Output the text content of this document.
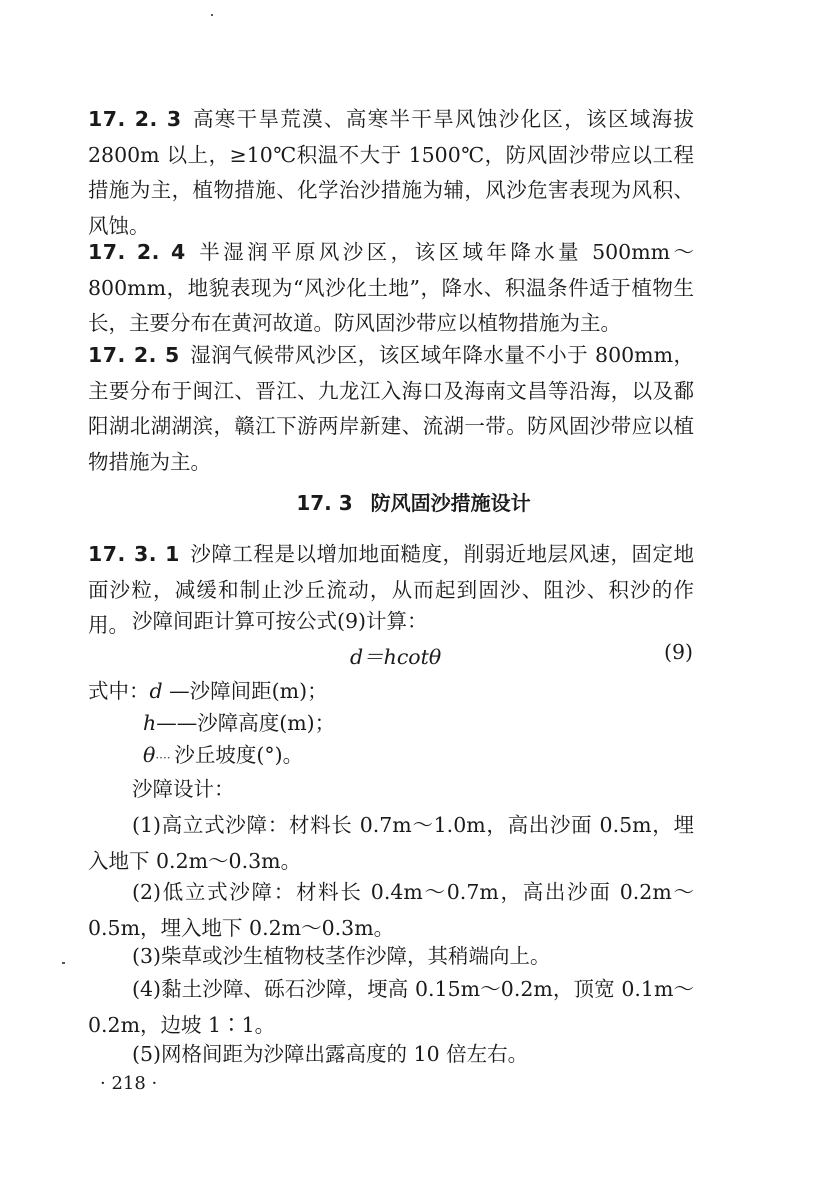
17. 2. 3 高寒干旱荒漠、高寒半干旱风蚀沙化区，该区域海拔2800m 以上，≥10℃积温不大于 1500℃，防风固沙带应以工程措施为主，植物措施、化学治沙措施为辅，风沙危害表现为风积、风蚀。

17. 2. 4 半湿润平原风沙区，该区域年降水量 500mm～800mm，地貌表现为“风沙化土地”，降水、积温条件适于植物生长，主要分布在黄河故道。防风固沙带应以植物措施为主。

17. 2. 5 湿润气候带风沙区，该区域年降水量不小于 800mm，主要分布于闽江、晋江、九龙江入海口及海南文昌等沿海，以及鄱阳湖北湖湖滨，赣江下游两岸新建、流湖一带。防风固沙带应以植物措施为主。

17. 3 防风固沙措施设计

17. 3. 1 沙障工程是以增加地面糙度，削弱近地层风速，固定地面沙粒，减缓和制止沙丘流动，从而起到固沙、阻沙、积沙的作用。 沙障间距计算可按公式(9)计算：

d＝hcotθ	(9)
式中：d —沙障间距(m)；
h——沙障高度(m)；
θ···· 沙丘坡度(°)。

沙障设计：

(1)高立式沙障：材料长 0.7m～1.0m，高出沙面 0.5m，埋入地下 0.2m～0.3m。

(2)低立式沙障：材料长 0.4m～0.7m，高出沙面 0.2m～0.5m，埋入地下 0.2m～0.3m。

(3)柴草或沙生植物枝茎作沙障，其稍端向上。

(4)黏土沙障、砾石沙障，埂高 0.15m～0.2m，顶宽 0.1m～0.2m，边坡 1∶1。

(5)网格间距为沙障出露高度的 10 倍左右。

· 218 ·
